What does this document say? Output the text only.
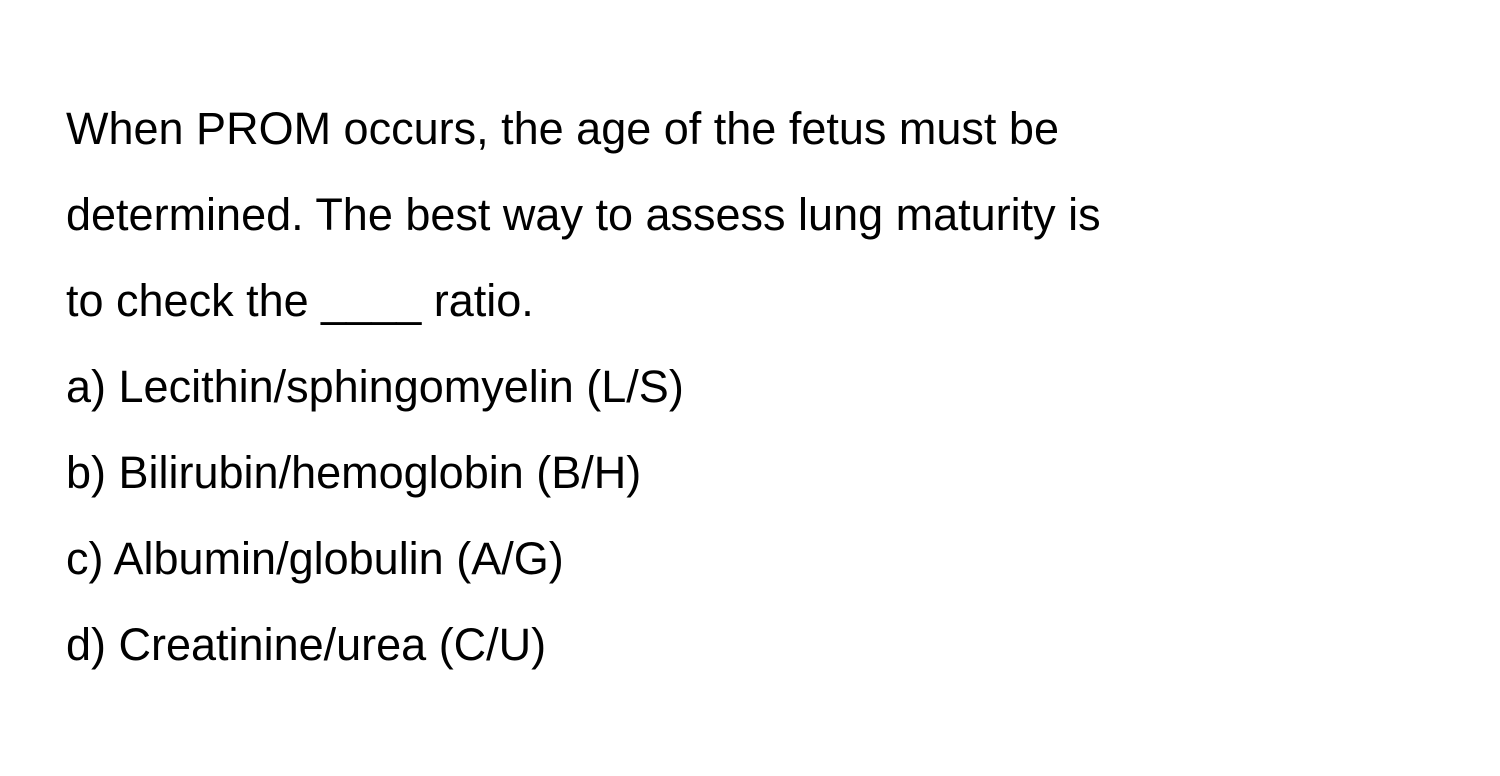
When PROM occurs, the age of the fetus must be
determined. The best way to assess lung maturity is
to check the ____ ratio.
a) Lecithin/sphingomyelin (L/S)
b) Bilirubin/hemoglobin (B/H)
c) Albumin/globulin (A/G)
d) Creatinine/urea (C/U)
